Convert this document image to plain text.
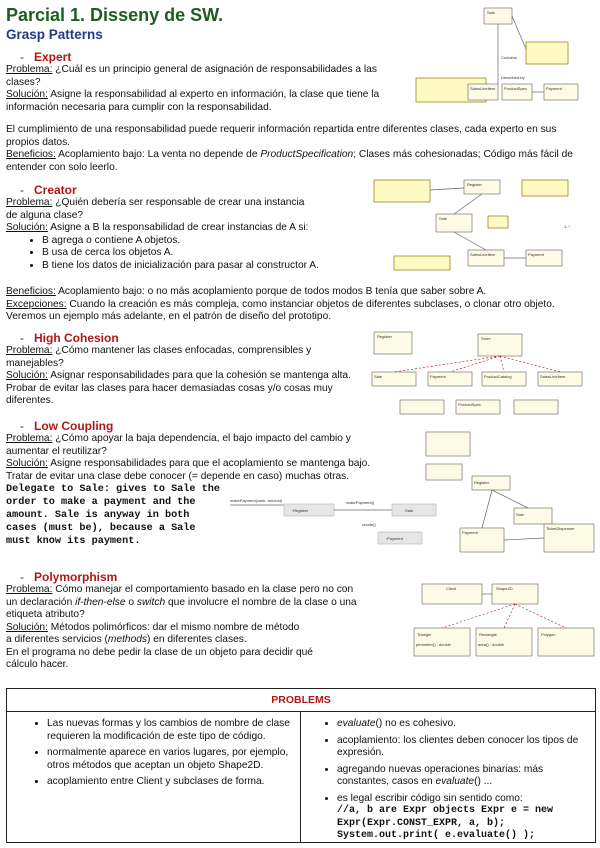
Parcial 1. Disseny de SW.
Grasp Patterns
- Expert

Problema: ¿Cuál es un principio general de asignación de responsabilidades a las clases?

Solución: Asigne la responsabilidad al experto en información, la clase que tiene la información necesaria para cumplir con la responsabilidad.

El cumplimiento de una responsabilidad puede requerir información repartida entre diferentes clases, cada experto en sus propios datos.

Beneficios: Acoplamiento bajo: La venta no depende de ProductSpecification; Clases más cohesionadas; Código más fácil de entender con solo leerlo.

- Creator

Problema: ¿Quién debería ser responsable de crear una instancia de alguna clase?

Solución: Asigne a B la responsabilidad de crear instancias de A si:

• B agrega o contiene A objetos.
• B usa de cerca los objetos A.
• B tiene los datos de inicialización para pasar al constructor A.

Beneficios: Acoplamiento bajo: o no más acoplamiento porque de todos modos B tenía que saber sobre A.

Excepciones: Cuando la creación es más compleja, como instanciar objetos de diferentes subclases, o clonar otro objeto. Veremos un ejemplo más adelante, en el patrón de diseño del prototipo.

- High Cohesion

Problema: ¿Cómo mantener las clases enfocadas, comprensibles y manejables?

Solución: Asignar responsabilidades para que la cohesión se mantenga alta. Probar de evitar las clases para hacer demasiadas cosas y/o cosas muy diferentes.

- Low Coupling

Problema: ¿Cómo apoyar la baja dependencia, el bajo impacto del cambio y aumentar el reutilizar?

Solución: Asigne responsabilidades para que el acoplamiento se mantenga bajo.

Tratar de evitar una clase debe conocer (= depende en caso) muchas otras.

Delegate to Sale: gives to Sale the order to make a payment and the amount. Sale is anyway in both cases (must be), because a Sale must know its payment.

- Polymorphism

Problema: Cómo manejar el comportamiento basado en la clase pero no con un declaración if-then-else o switch que involucre el nombre de la clase o una etiqueta atributo?

Solución: Métodos polimórficos: dar el mismo nombre de método a diferentes servicios (methods) en diferentes clases.

En el programa no debe pedir la clase de un objeto para decidir qué cálculo hacer.

Sale
SalesLineItem ProductSpec	Payment
Contains
Described-by
Register
Sale
SalesLineItem	Payment
1..*
Register	Store
Sale	Payment	ProductCatalog	SalesLineItem
ProductSpec
makePayment(cash, amount)
:Register	:Sale
makePayment()
create()
:Payment
Register
Sale
Payment
TicketDispenser
Client	Shape2D
Triangle
perimeter() : double
Rectangle
area() : double
Polygon
PROBLEMS
• Las nuevas formas y los cambios de nombre de clase requieren la modificación de este tipo de código.
• normalmente aparece en varios lugares, por ejemplo, otros métodos que aceptan un objeto Shape2D.
• acoplamiento entre Client y subclases de forma.
• evaluate() no es cohesivo.
• acoplamiento: los clientes deben conocer los tipos de expresión.
• agregando nuevas operaciones binarias: más constantes, casos en evaluate() ...
• es legal escribir código sin sentido como:
//a, b are Expr objects Expr e = new
Expr(Expr.CONST_EXPR, a, b);
System.out.print( e.evaluate() );
